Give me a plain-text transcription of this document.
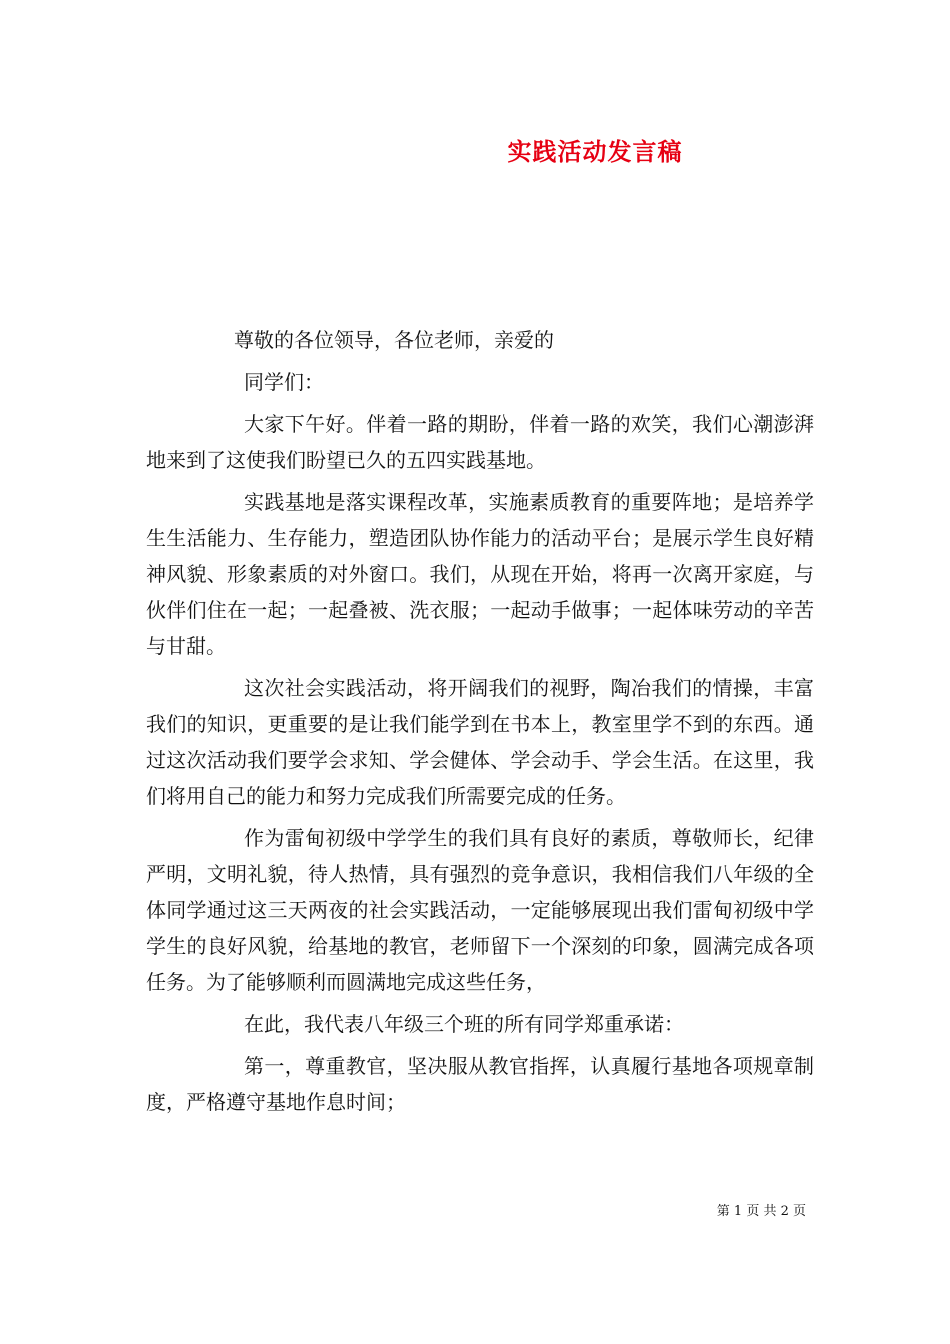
实践活动发言稿

尊敬的各位领导，各位老师，亲爱的

同学们：

大家下午好。伴着一路的期盼，伴着一路的欢笑，我们心潮澎湃地来到了这使我们盼望已久的五四实践基地。

实践基地是落实课程改革，实施素质教育的重要阵地；是培养学生生活能力、生存能力，塑造团队协作能力的活动平台；是展示学生良好精神风貌、形象素质的对外窗口。我们，从现在开始，将再一次离开家庭，与伙伴们住在一起；一起叠被、洗衣服；一起动手做事；一起体味劳动的辛苦与甘甜。

这次社会实践活动，将开阔我们的视野，陶冶我们的情操，丰富我们的知识，更重要的是让我们能学到在书本上，教室里学不到的东西。通过这次活动我们要学会求知、学会健体、学会动手、学会生活。在这里，我们将用自己的能力和努力完成我们所需要完成的任务。

作为雷甸初级中学学生的我们具有良好的素质，尊敬师长，纪律严明，文明礼貌，待人热情，具有强烈的竞争意识，我相信我们八年级的全体同学通过这三天两夜的社会实践活动，一定能够展现出我们雷甸初级中学学生的良好风貌，给基地的教官，老师留下一个深刻的印象，圆满完成各项任务。为了能够顺利而圆满地完成这些任务，

在此，我代表八年级三个班的所有同学郑重承诺：

第一，尊重教官，坚决服从教官指挥，认真履行基地各项规章制度，严格遵守基地作息时间；

第 1 页 共 2 页
